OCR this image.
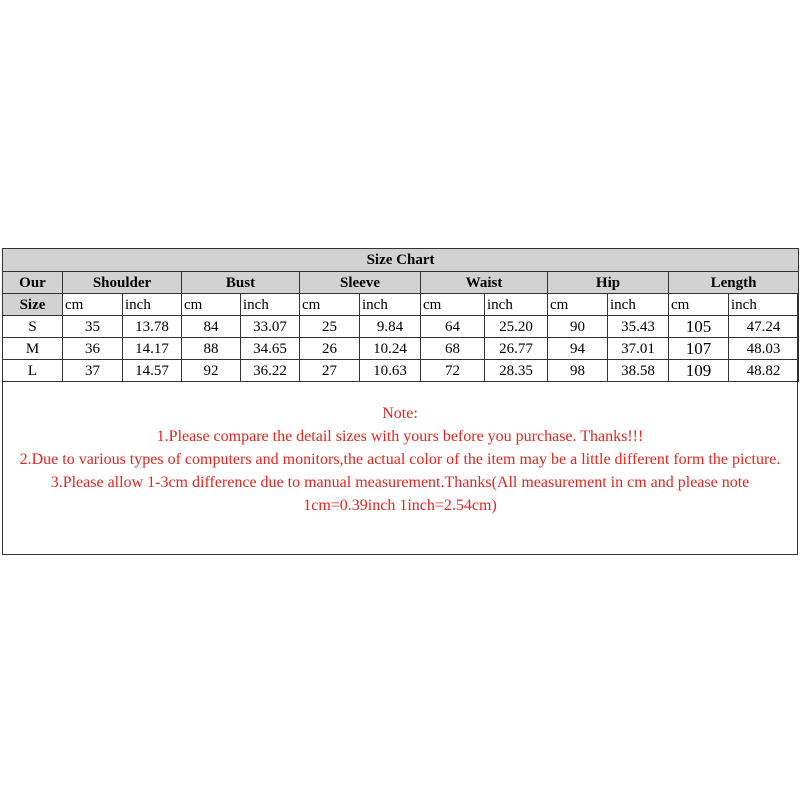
Size Chart												
Our	Shoulder		Bust		Sleeve		Waist		Hip		Length	
Size	cm	inch	cm	inch	cm	inch	cm	inch	cm	inch	cm	inch
S	35	13.78	84	33.07	25	9.84	64	25.20	90	35.43	105	47.24
M	36	14.17	88	34.65	26	10.24	68	26.77	94	37.01	107	48.03
L	37	14.57	92	36.22	27	10.63	72	28.35	98	38.58	109	48.82
Note:
1.Please compare the detail sizes with yours before you purchase. Thanks!!!
2.Due to various types of computers and monitors,the actual color of the item may be a little different form the picture.
3.Please allow 1-3cm difference due to manual measurement.Thanks(All measurement in cm and please note 1cm=0.39inch 1inch=2.54cm)
